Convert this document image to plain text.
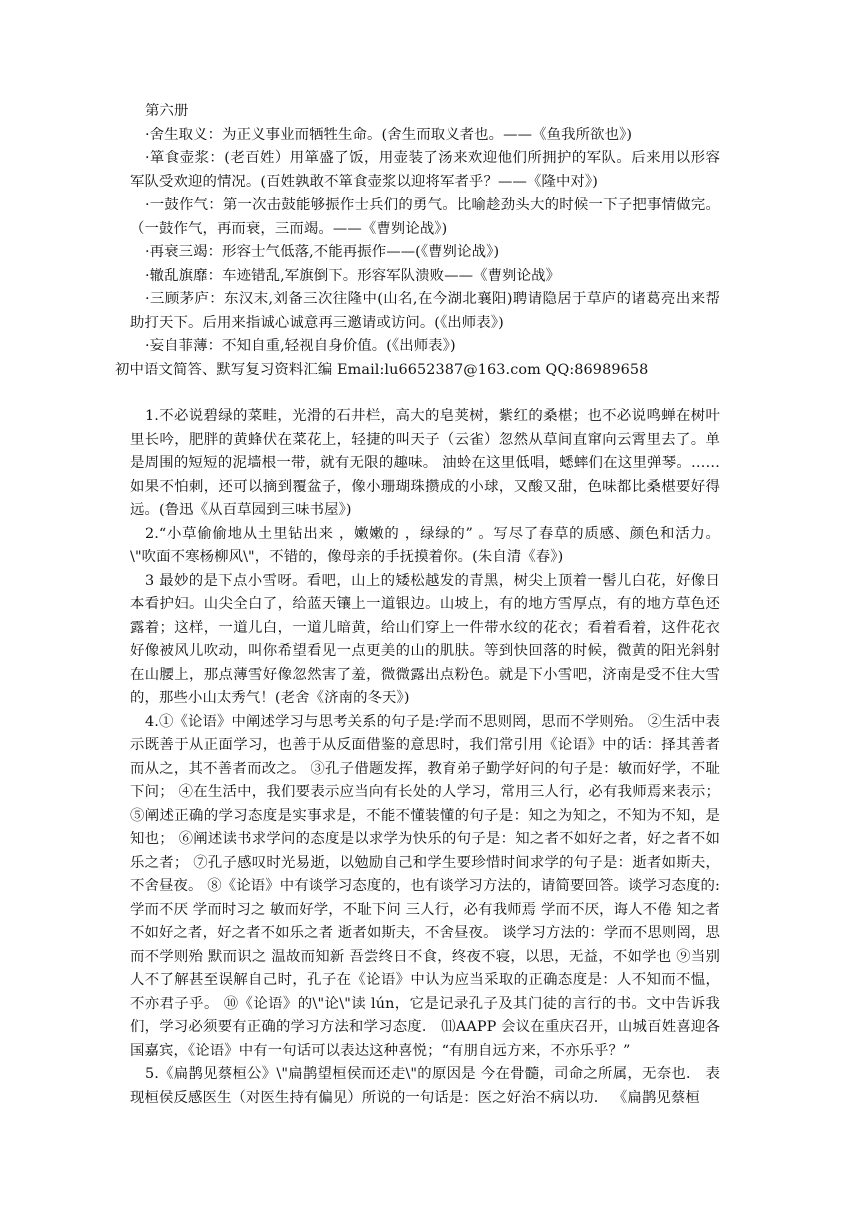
第六册

·舍生取义：为正义事业而牺牲生命。(舍生而取义者也。——《鱼我所欲也》)

·箪食壶浆：(老百姓）用箪盛了饭，用壶装了汤来欢迎他们所拥护的军队。后来用以形容军队受欢迎的情况。(百姓孰敢不箪食壶浆以迎将军者乎？——《隆中对》)

·一鼓作气：第一次击鼓能够振作士兵们的勇气。比喻趁劲头大的时候一下子把事情做完。（一鼓作气，再而衰，三而竭。——《曹刿论战》)

·再衰三竭：形容士气低落,不能再振作——(《曹刿论战》)

·辙乱旗靡：车迹错乱,军旗倒下。形容军队溃败——《曹刿论战》

·三顾茅庐：东汉末,刘备三次往隆中(山名,在今湖北襄阳)聘请隐居于草庐的诸葛亮出来帮助打天下。后用来指诚心诚意再三邀请或访问。(《出师表》)

·妄自菲薄：不知自重,轻视自身价值。(《出师表》)

初中语文简答、默写复习资料汇编 Email:lu6652387@163.com QQ:86989658

1.不必说碧绿的菜畦，光滑的石井栏，高大的皂荚树，紫红的桑椹；也不必说鸣蝉在树叶里长吟，肥胖的黄蜂伏在菜花上，轻捷的叫天子（云雀）忽然从草间直窜向云霄里去了。单是周围的短短的泥墙根一带，就有无限的趣味。 油蛉在这里低唱，蟋蟀们在这里弹琴。……如果不怕刺，还可以摘到覆盆子，像小珊瑚珠攒成的小球，又酸又甜，色味都比桑椹要好得远。(鲁迅《从百草园到三味书屋》)

2.“小草偷偷地从土里钻出来 ，嫩嫩的 ，绿绿的” 。写尽了春草的质感、颜色和活力。\"吹面不寒杨柳风\"，不错的，像母亲的手抚摸着你。(朱自清《春》)

3 最妙的是下点小雪呀。看吧，山上的矮松越发的青黑，树尖上顶着一髻儿白花，好像日本看护妇。山尖全白了，给蓝天镶上一道银边。山坡上，有的地方雪厚点，有的地方草色还露着；这样，一道儿白，一道儿暗黄，给山们穿上一件带水纹的花衣；看着看着，这件花衣好像被风儿吹动，叫你希望看见一点更美的山的肌肤。等到快回落的时候，微黄的阳光斜射在山腰上，那点薄雪好像忽然害了羞，微微露出点粉色。就是下小雪吧，济南是受不住大雪的，那些小山太秀气！(老舍《济南的冬天》)

4.①《论语》中阐述学习与思考关系的句子是:学而不思则罔，思而不学则殆。 ②生活中表示既善于从正面学习，也善于从反面借鉴的意思时，我们常引用《论语》中的话：择其善者而从之，其不善者而改之。 ③孔子借题发挥，教育弟子勤学好问的句子是：敏而好学，不耻下问； ④在生活中，我们要表示应当向有长处的人学习，常用三人行，必有我师焉来表示； ⑤阐述正确的学习态度是实事求是，不能不懂装懂的句子是：知之为知之，不知为不知，是知也； ⑥阐述读书求学问的态度是以求学为快乐的句子是：知之者不如好之者，好之者不如乐之者； ⑦孔子感叹时光易逝，以勉励自己和学生要珍惜时间求学的句子是：逝者如斯夫，不舍昼夜。 ⑧《论语》中有谈学习态度的，也有谈学习方法的，请简要回答。谈学习态度的: 学而不厌 学而时习之 敏而好学，不耻下问 三人行，必有我师焉 学而不厌，诲人不倦 知之者不如好之者，好之者不如乐之者 逝者如斯夫，不舍昼夜。 谈学习方法的：学而不思则罔，思而不学则殆 默而识之 温故而知新 吾尝终日不食，终夜不寝，以思，无益，不如学也 ⑨当别人不了解甚至误解自己时，孔子在《论语》中认为应当采取的正确态度是：人不知而不愠，不亦君子乎。 ⑩《论语》的\"论\"读 lún，它是记录孔子及其门徒的言行的书。文中告诉我们，学习必须要有正确的学习方法和学习态度． ⑾AAPP 会议在重庆召开，山城百姓喜迎各国嘉宾，《论语》中有一句话可以表达这种喜悦；“有朋自远方来，不亦乐乎？”

5.《扁鹊见蔡桓公》\"扁鹊望桓侯而还走\"的原因是 今在骨髓，司命之所属，无奈也． 表现桓侯反感医生（对医生持有偏见）所说的一句话是：医之好治不病以功． 《扁鹊见蔡桓
